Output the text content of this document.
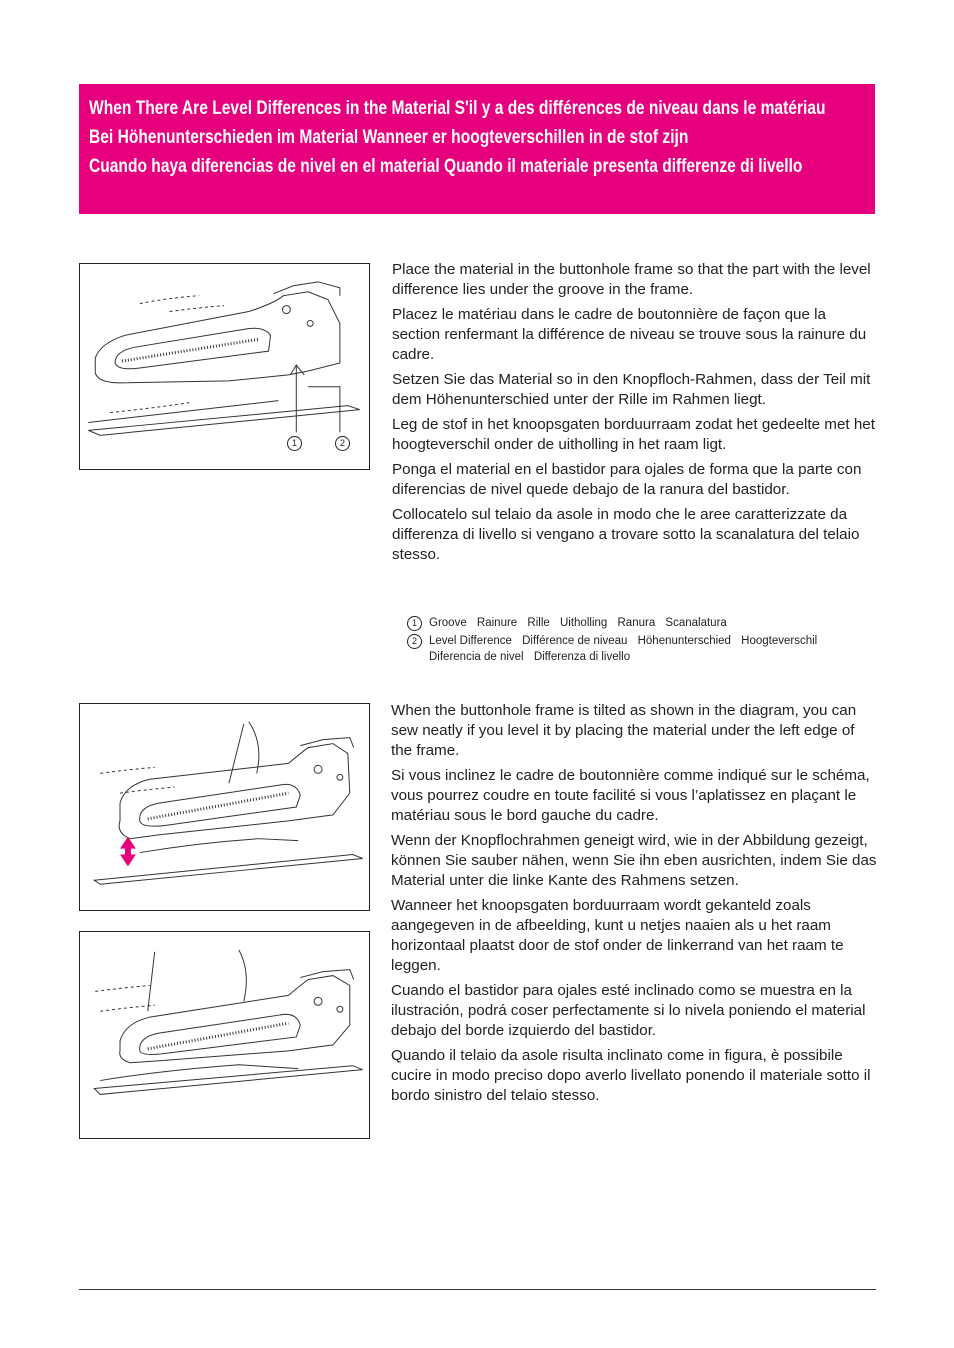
When There Are Level Differences in the Material S'il y a des différences de niveau dans le matériau
Bei Höhenunterschieden im Material Wanneer er hoogteverschillen in de stof zijn
Cuando haya diferencias de nivel en el material Quando il materiale presenta differenze di livello
1	2

Place the material in the buttonhole frame so that the part with the level difference lies under the groove in the frame.

Placez le matériau dans le cadre de boutonnière de façon que la section renfermant la différence de niveau se trouve sous la rainure du cadre.

Setzen Sie das Material so in den Knopfloch-Rahmen, dass der Teil mit dem Höhenunterschied unter der Rille im Rahmen liegt.

Leg de stof in het knoopsgaten borduurraam zodat het gedeelte met het hoogteverschil onder de uitholling in het raam ligt.

Ponga el material en el bastidor para ojales de forma que la parte con diferencias de nivel quede debajo de la ranura del bastidor.

Collocatelo sul telaio da asole in modo che le aree caratterizzate da differenza di livello si vengano a trovare sotto la scanalatura del telaio stesso.

1	Groove Rainure Rille Uitholling Ranura Scanalatura
2	Level Difference Différence de niveau Höhenunterschied Hoogteverschil Diferencia de nivel Differenza di livello

When the buttonhole frame is tilted as shown in the diagram, you can sew neatly if you level it by placing the material under the left edge of the frame.

Si vous inclinez le cadre de boutonnière comme indiqué sur le schéma, vous pourrez coudre en toute facilité si vous l’aplatissez en plaçant le matériau sous le bord gauche du cadre.

Wenn der Knopflochrahmen geneigt wird, wie in der Abbildung gezeigt, können Sie sauber nähen, wenn Sie ihn eben ausrichten, indem Sie das Material unter die linke Kante des Rahmens setzen.

Wanneer het knoopsgaten borduurraam wordt gekanteld zoals aangegeven in de afbeelding, kunt u netjes naaien als u het raam horizontaal plaatst door de stof onder de linkerrand van het raam te leggen.

Cuando el bastidor para ojales esté inclinado como se muestra en la ilustración, podrá coser perfectamente si lo nivela poniendo el material debajo del borde izquierdo del bastidor.

Quando il telaio da asole risulta inclinato come in figura, è possibile cucire in modo preciso dopo averlo livellato ponendo il materiale sotto il bordo sinistro del telaio stesso.
